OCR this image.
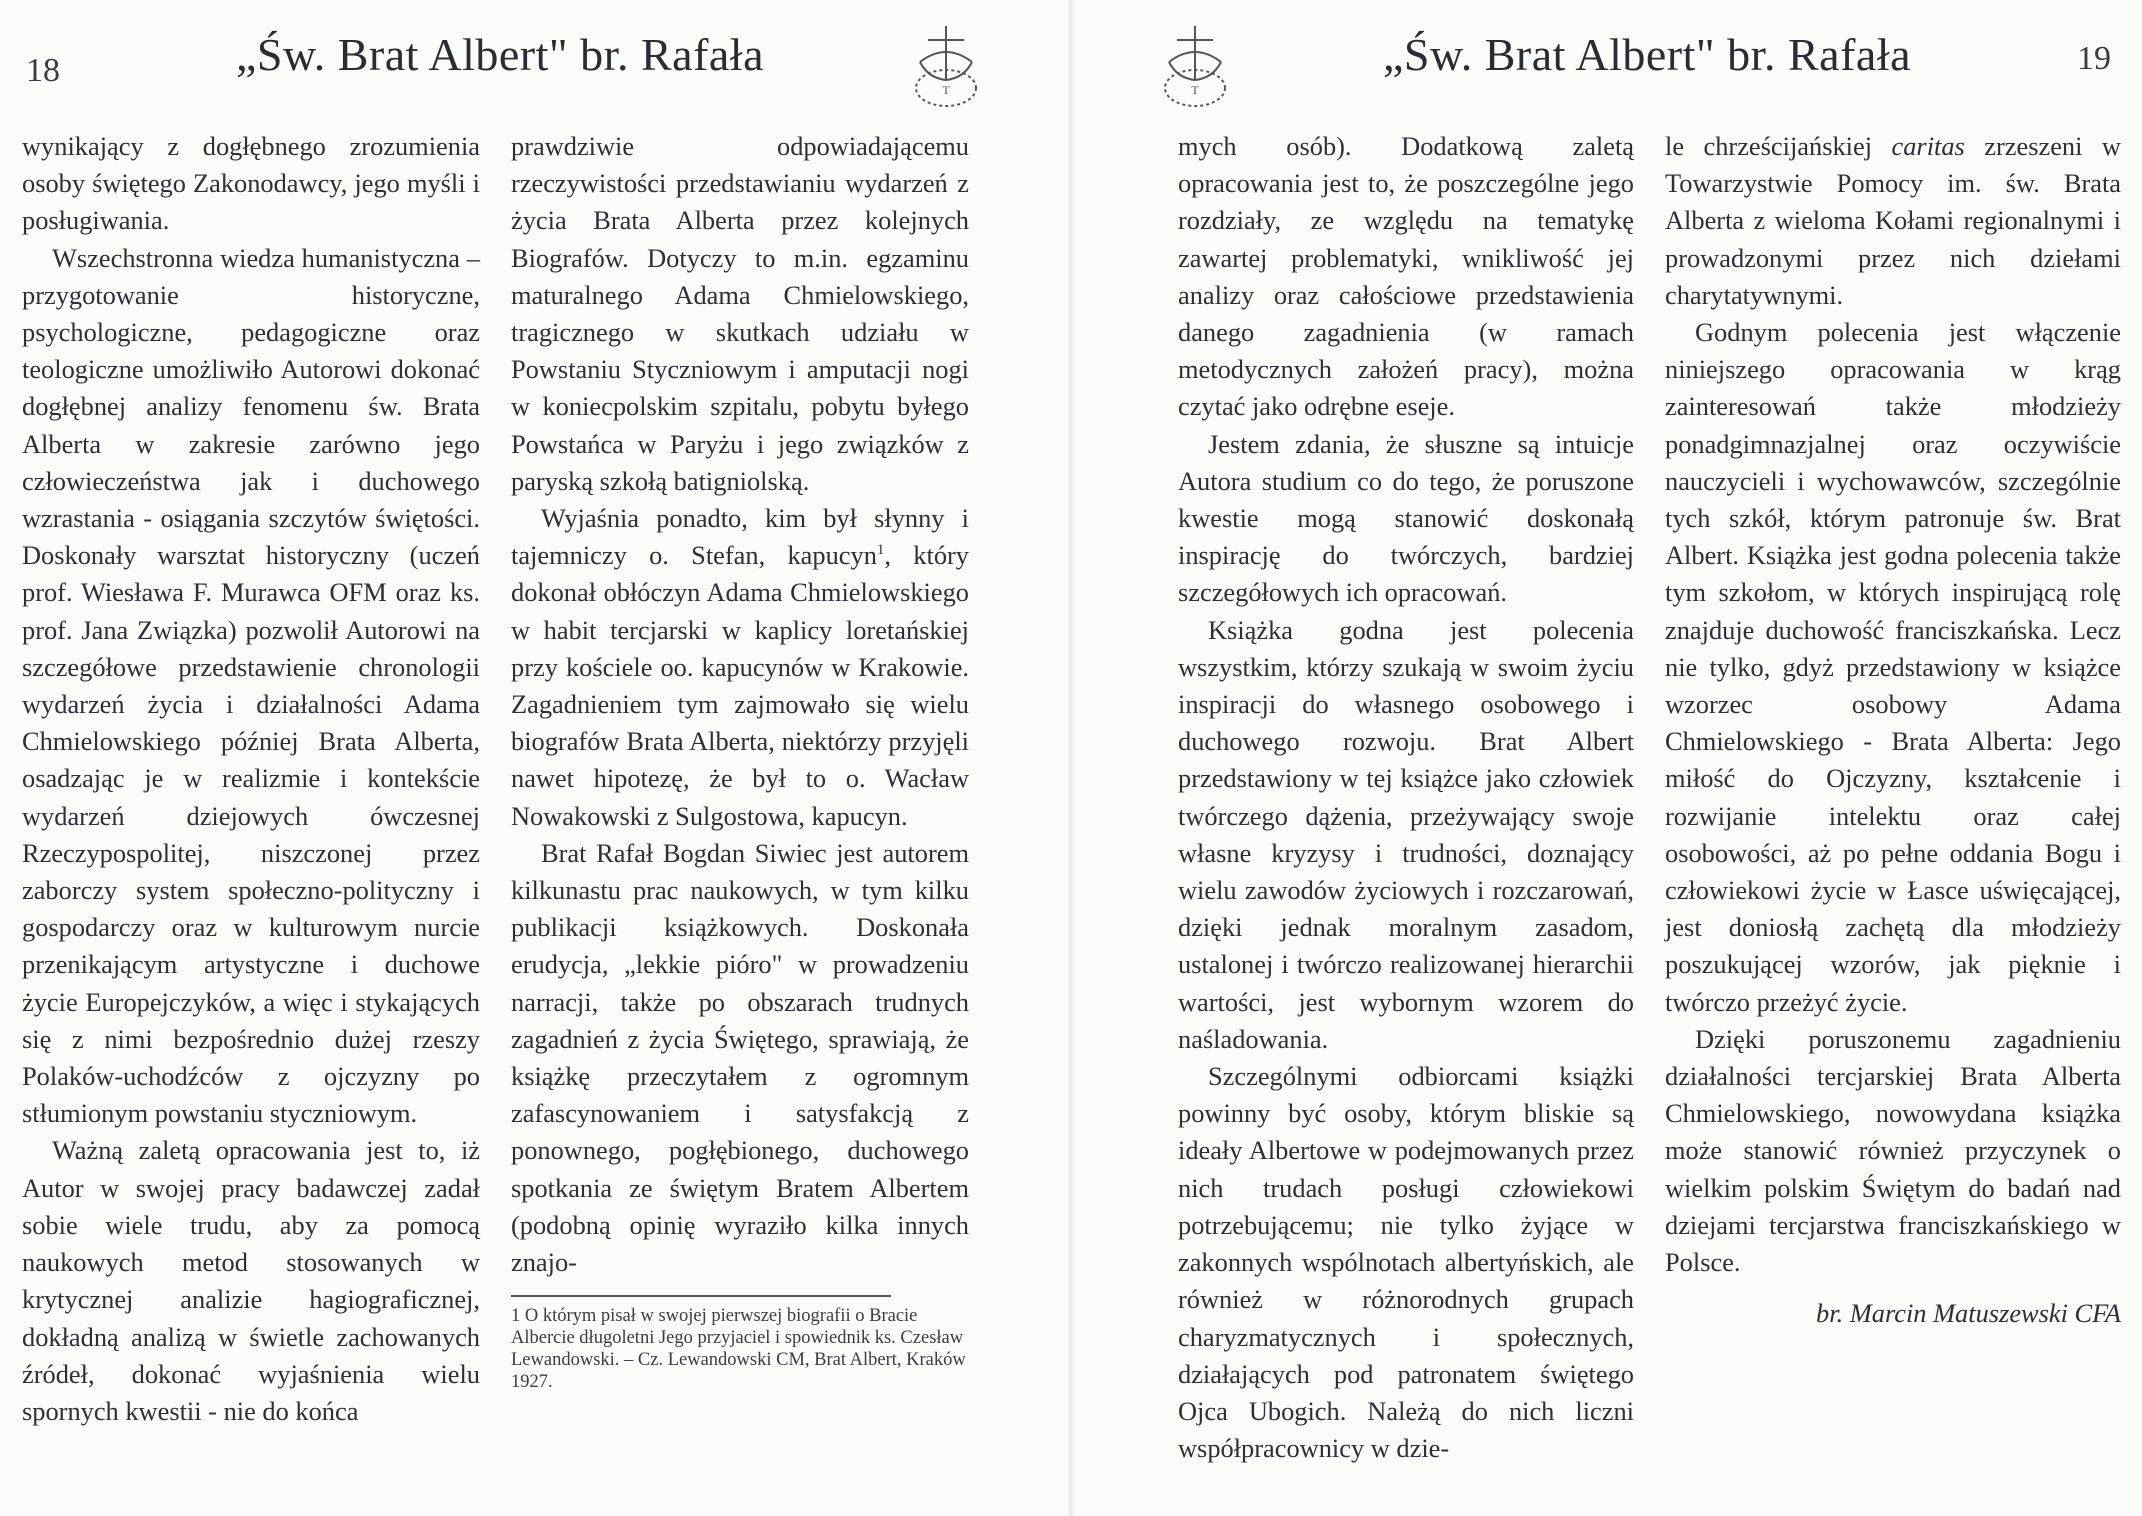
18	„Św. Brat Albert" br. Rafała
T

wynikający z dogłębnego zrozumienia osoby świętego Zakonodawcy, jego myśli i posługiwania.

Wszechstronna wiedza humanistyczna – przygotowanie historyczne, psychologiczne, pedagogiczne oraz teologiczne umożliwiło Autorowi dokonać dogłębnej analizy fenomenu św. Brata Alberta w zakresie zarówno jego człowieczeństwa jak i duchowego wzrastania - osiągania szczytów świętości. Doskonały warsztat historyczny (uczeń prof. Wiesława F. Murawca OFM oraz ks. prof. Jana Związka) pozwolił Autorowi na szczegółowe przedstawienie chronologii wydarzeń życia i działalności Adama Chmielowskiego później Brata Alberta, osadzając je w realizmie i kontekście wydarzeń dziejowych ówczesnej Rzeczypospolitej, niszczonej przez zaborczy system społeczno-polityczny i gospodarczy oraz w kulturowym nurcie przenikającym artystyczne i duchowe życie Europejczyków, a więc i stykających się z nimi bezpośrednio dużej rzeszy Polaków-uchodźców z ojczyzny po stłumionym powstaniu styczniowym.

Ważną zaletą opracowania jest to, iż Autor w swojej pracy badawczej zadał sobie wiele trudu, aby za pomocą naukowych metod stosowanych w krytycznej analizie hagiograficznej, dokładną analizą w świetle zachowanych źródeł, dokonać wyjaśnienia wielu spornych kwestii - nie do końca

prawdziwie odpowiadającemu rzeczywistości przedstawianiu wydarzeń z życia Brata Alberta przez kolejnych Biografów. Dotyczy to m.in. egzaminu maturalnego Adama Chmielowskiego, tragicznego w skutkach udziału w Powstaniu Styczniowym i amputacji nogi w koniecpolskim szpitalu, pobytu byłego Powstańca w Paryżu i jego związków z paryską szkołą batigniolską.

Wyjaśnia ponadto, kim był słynny i tajemniczy o. Stefan, kapucyn$^1$, który dokonał obłóczyn Adama Chmielowskiego w habit tercjarski w kaplicy loretańskiej przy kościele oo. kapucynów w Krakowie. Zagadnieniem tym zajmowało się wielu biografów Brata Alberta, niektórzy przyjęli nawet hipotezę, że był to o. Wacław Nowakowski z Sulgostowa, kapucyn.

Brat Rafał Bogdan Siwiec jest autorem kilkunastu prac naukowych, w tym kilku publikacji książkowych. Doskonała erudycja, „lekkie pióro" w prowadzeniu narracji, także po obszarach trudnych zagadnień z życia Świętego, sprawiają, że książkę przeczytałem z ogromnym zafascynowaniem i satysfakcją z ponownego, pogłębionego, duchowego spotkania ze świętym Bratem Albertem (podobną opinię wyraziło kilka innych znajo-

1 O którym pisał w swojej pierwszej biografii o Bracie Albercie długoletni Jego przyjaciel i spowiednik ks. Czesław Lewandowski. – Cz. Lewandowski CM, Brat Albert, Kraków 1927.

T
„Św. Brat Albert" br. Rafała	19

mych osób). Dodatkową zaletą opracowania jest to, że poszczególne jego rozdziały, ze względu na tematykę zawartej problematyki, wnikliwość jej analizy oraz całościowe przedstawienia danego zagadnienia (w ramach metodycznych założeń pracy), można czytać jako odrębne eseje.

Jestem zdania, że słuszne są intuicje Autora studium co do tego, że poruszone kwestie mogą stanowić doskonałą inspirację do twórczych, bardziej szczegółowych ich opracowań.

Książka godna jest polecenia wszystkim, którzy szukają w swoim życiu inspiracji do własnego osobowego i duchowego rozwoju. Brat Albert przedstawiony w tej książce jako człowiek twórczego dążenia, przeżywający swoje własne kryzysy i trudności, doznający wielu zawodów życiowych i rozczarowań, dzięki jednak moralnym zasadom, ustalonej i twórczo realizowanej hierarchii wartości, jest wybornym wzorem do naśladowania.

Szczególnymi odbiorcami książki powinny być osoby, którym bliskie są ideały Albertowe w podejmowanych przez nich trudach posługi człowiekowi potrzebującemu; nie tylko żyjące w zakonnych wspólnotach albertyńskich, ale również w różnorodnych grupach charyzmatycznych i społecznych, działających pod patronatem świętego Ojca Ubogich. Należą do nich liczni współpracownicy w dzie-

le chrześcijańskiej caritas zrzeszeni w Towarzystwie Pomocy im. św. Brata Alberta z wieloma Kołami regionalnymi i prowadzonymi przez nich dziełami charytatywnymi.

Godnym polecenia jest włączenie niniejszego opracowania w krąg zainteresowań także młodzieży ponadgimnazjalnej oraz oczywiście nauczycieli i wychowawców, szczególnie tych szkół, którym patronuje św. Brat Albert. Książka jest godna polecenia także tym szkołom, w których inspirującą rolę znajduje duchowość franciszkańska. Lecz nie tylko, gdyż przedstawiony w książce wzorzec osobowy Adama Chmielowskiego - Brata Alberta: Jego miłość do Ojczyzny, kształcenie i rozwijanie intelektu oraz całej osobowości, aż po pełne oddania Bogu i człowiekowi życie w Łasce uświęcającej, jest doniosłą zachętą dla młodzieży poszukującej wzorów, jak pięknie i twórczo przeżyć życie.

Dzięki poruszonemu zagadnieniu działalności tercjarskiej Brata Alberta Chmielowskiego, nowowydana książka może stanowić również przyczynek o wielkim polskim Świętym do badań nad dziejami tercjarstwa franciszkańskiego w Polsce.

br. Marcin Matuszewski CFA
